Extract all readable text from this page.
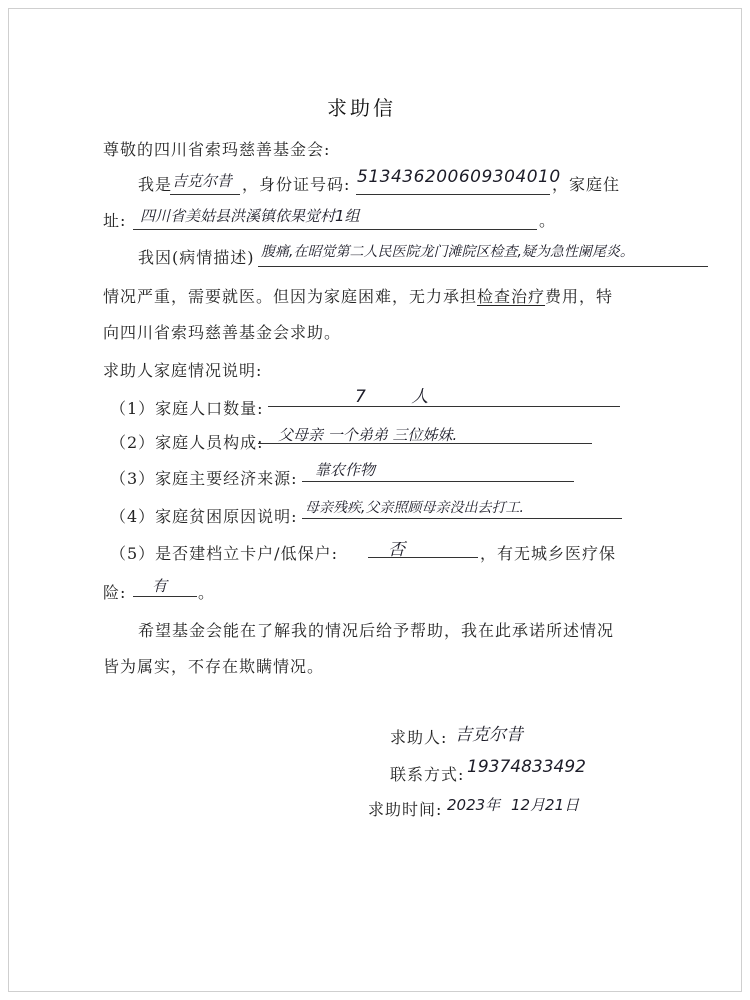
求助信
尊敬的四川省索玛慈善基金会:
我是 吉克尔昔 ，身份证号码: 513436200609304010
，家庭住
址: 四川省美姑县洪溪镇依果觉村1组	。
我因(病情描述) 腹痛,在昭觉第二人民医院龙门滩院区检查,疑为急性阑尾炎。
情况严重，需要就医。但因为家庭困难，无力承担检查治疗费用，特
向四川省索玛慈善基金会求助。
求助人家庭情况说明:
（1）家庭人口数量:
7 人
（2）家庭人员构成: 父母亲 一个弟弟 三位姊妹.
（3）家庭主要经济来源: 靠农作物
（4）家庭贫困原因说明: 母亲残疾,父亲照顾母亲没出去打工.
（5）是否建档立卡户/低保户:	否	，有无城乡医疗保
险: 有 。
希望基金会能在了解我的情况后给予帮助，我在此承诺所述情况
皆为属实，不存在欺瞒情况。
求助人: 吉克尔昔
联系方式: 19374833492
求助时间: 2023年 12月21日
